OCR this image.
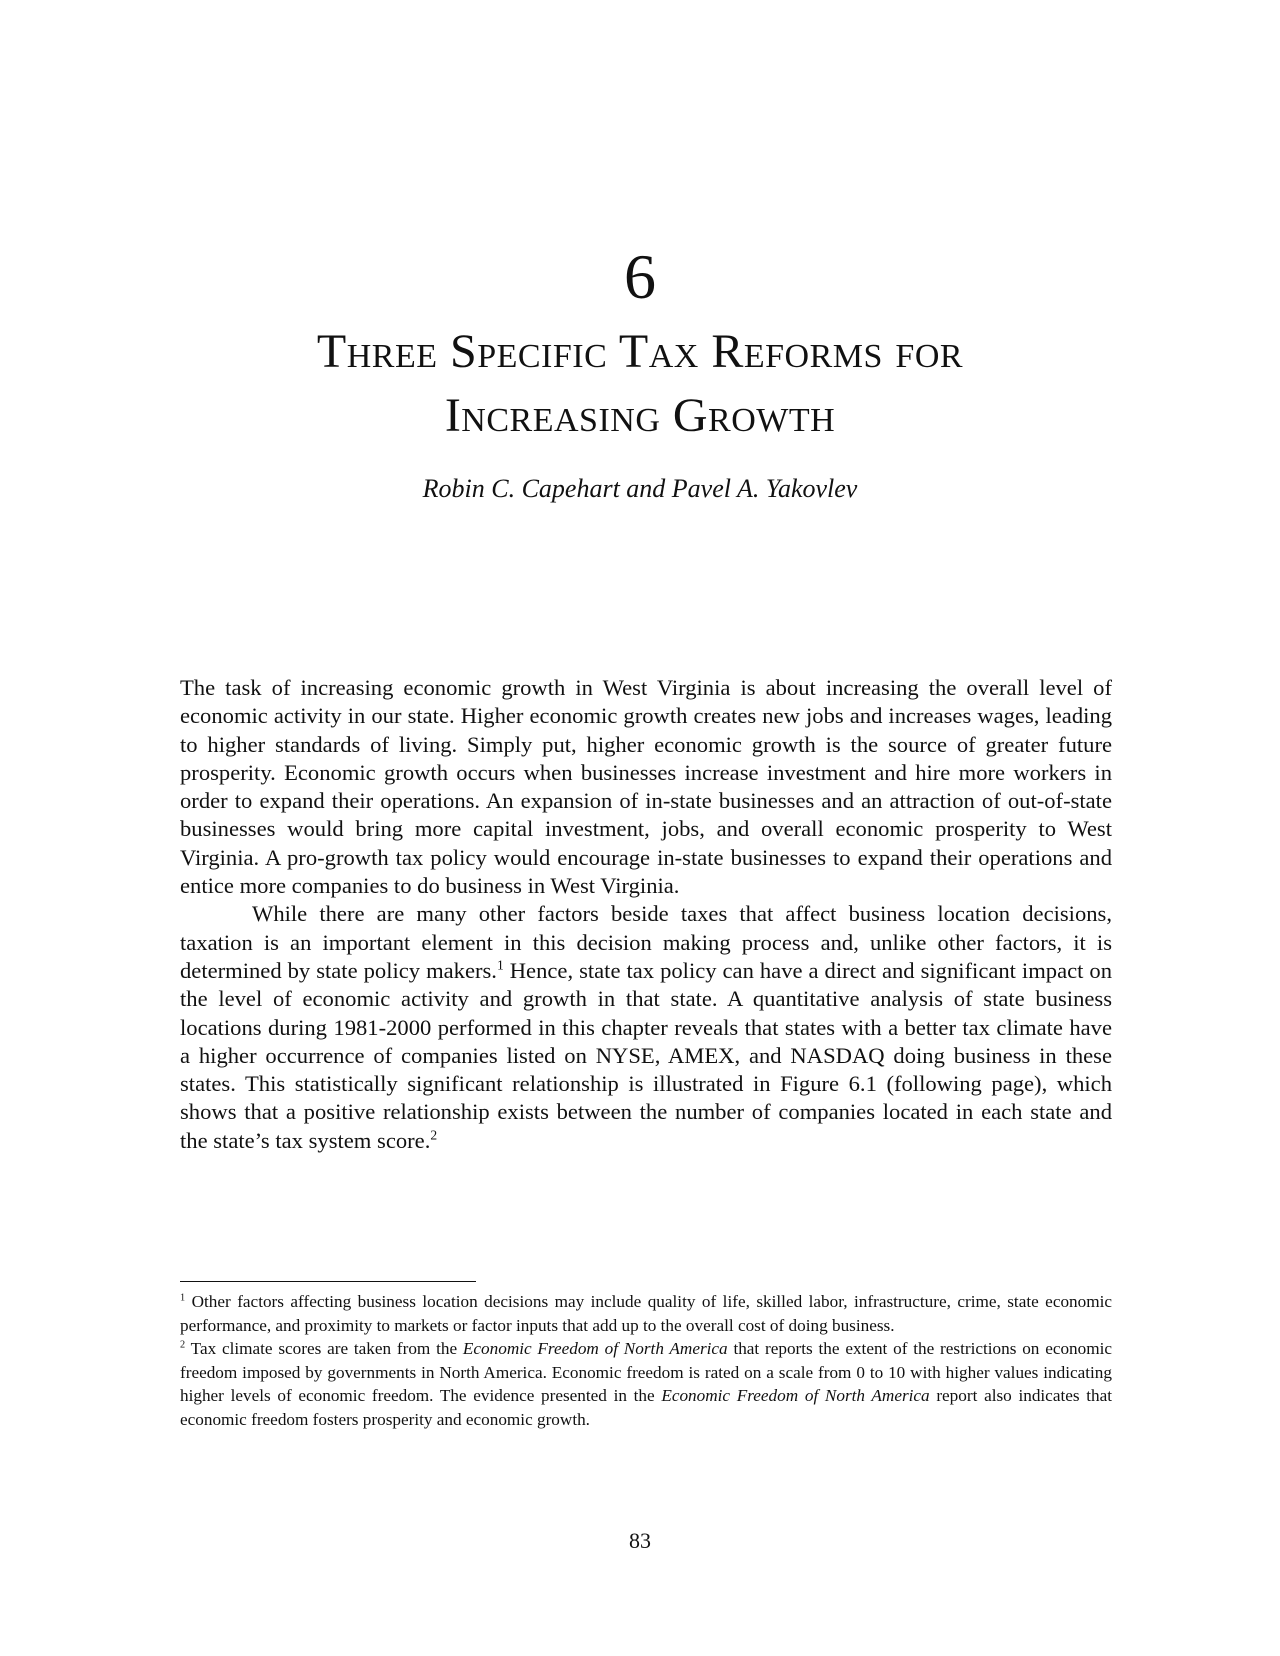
6
Three Specific Tax Reforms for
Increasing Growth
Robin C. Capehart and Pavel A. Yakovlev

The task of increasing economic growth in West Virginia is about increasing the overall level of economic activity in our state. Higher economic growth creates new jobs and increases wages, leading to higher standards of living. Simply put, higher economic growth is the source of greater future prosperity. Economic growth occurs when businesses increase investment and hire more workers in order to expand their operations. An expansion of in-state businesses and an attraction of out-of-state businesses would bring more capital investment, jobs, and overall economic prosperity to West Virginia. A pro-growth tax policy would encourage in-state businesses to expand their operations and entice more companies to do business in West Virginia.

While there are many other factors beside taxes that affect business location decisions, taxation is an important element in this decision making process and, unlike other factors, it is determined by state policy makers.$^1$ Hence, state tax policy can have a direct and significant impact on the level of economic activity and growth in that state. A quantitative analysis of state business locations during 1981-2000 performed in this chapter reveals that states with a better tax climate have a higher occurrence of companies listed on NYSE, AMEX, and NASDAQ doing business in these states. This statistically significant relationship is illustrated in Figure 6.1 (following page), which shows that a positive relationship exists between the number of companies located in each state and the state’s tax system score.$^2$

$^1$ Other factors affecting business location decisions may include quality of life, skilled labor, infrastructure, crime, state economic performance, and proximity to markets or factor inputs that add up to the overall cost of doing business.

$^2$ Tax climate scores are taken from the Economic Freedom of North America that reports the extent of the restrictions on economic freedom imposed by governments in North America. Economic freedom is rated on a scale from 0 to 10 with higher values indicating higher levels of economic freedom. The evidence presented in the Economic Freedom of North America report also indicates that economic freedom fosters prosperity and economic growth.

83
